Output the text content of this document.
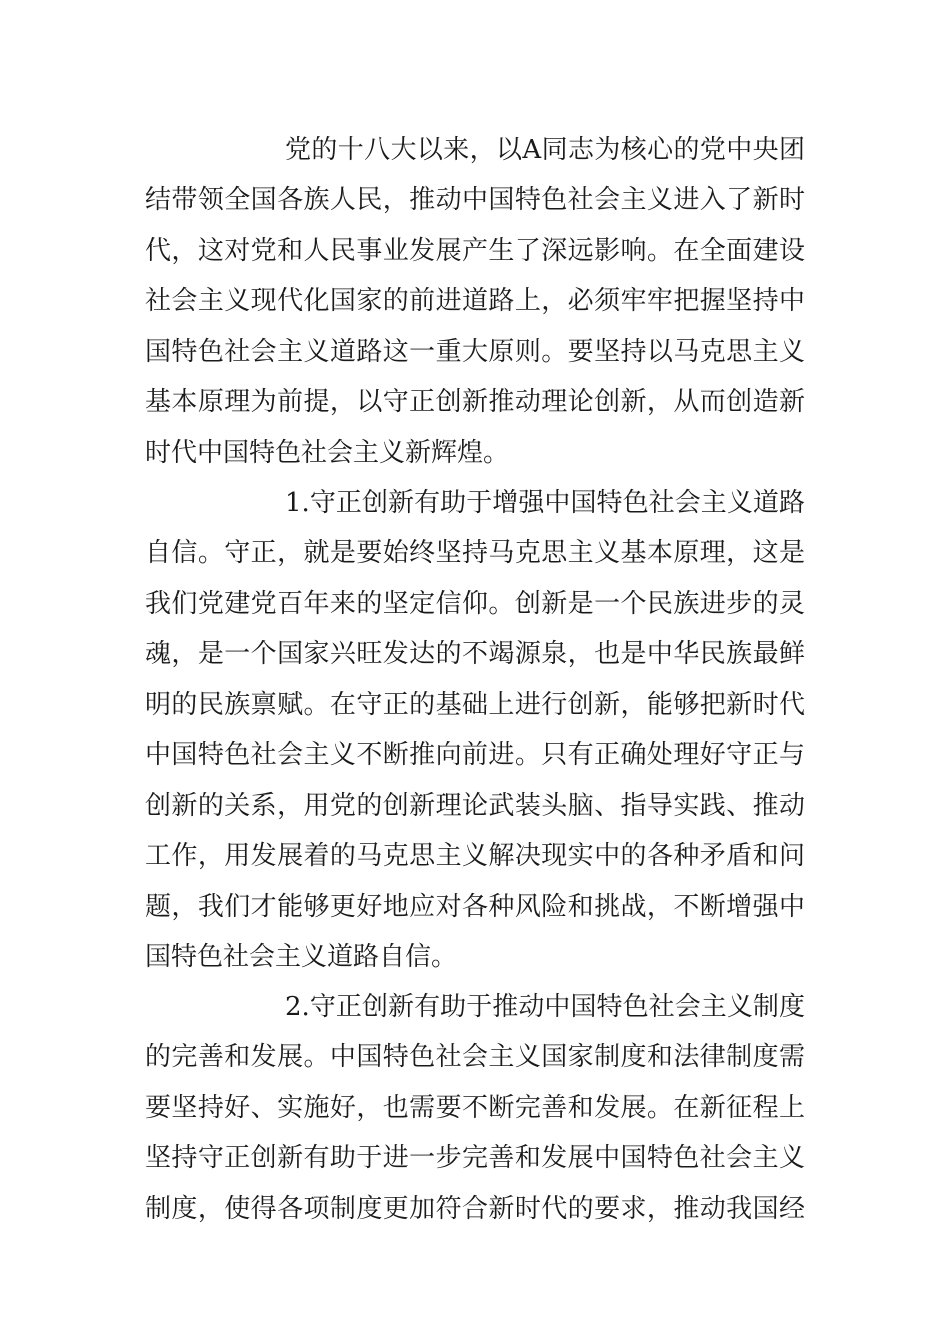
党的十八大以来，以A同志为核心的党中央团
结带领全国各族人民，推动中国特色社会主义进入了新时
代，这对党和人民事业发展产生了深远影响。在全面建设
社会主义现代化国家的前进道路上，必须牢牢把握坚持中
国特色社会主义道路这一重大原则。要坚持以马克思主义
基本原理为前提，以守正创新推动理论创新，从而创造新
时代中国特色社会主义新辉煌。
1.守正创新有助于增强中国特色社会主义道路
自信。守正，就是要始终坚持马克思主义基本原理，这是
我们党建党百年来的坚定信仰。创新是一个民族进步的灵
魂，是一个国家兴旺发达的不竭源泉，也是中华民族最鲜
明的民族禀赋。在守正的基础上进行创新，能够把新时代
中国特色社会主义不断推向前进。只有正确处理好守正与
创新的关系，用党的创新理论武装头脑、指导实践、推动
工作，用发展着的马克思主义解决现实中的各种矛盾和问
题，我们才能够更好地应对各种风险和挑战，不断增强中
国特色社会主义道路自信。
2.守正创新有助于推动中国特色社会主义制度
的完善和发展。中国特色社会主义国家制度和法律制度需
要坚持好、实施好，也需要不断完善和发展。在新征程上
坚持守正创新有助于进一步完善和发展中国特色社会主义
制度，使得各项制度更加符合新时代的要求，推动我国经
